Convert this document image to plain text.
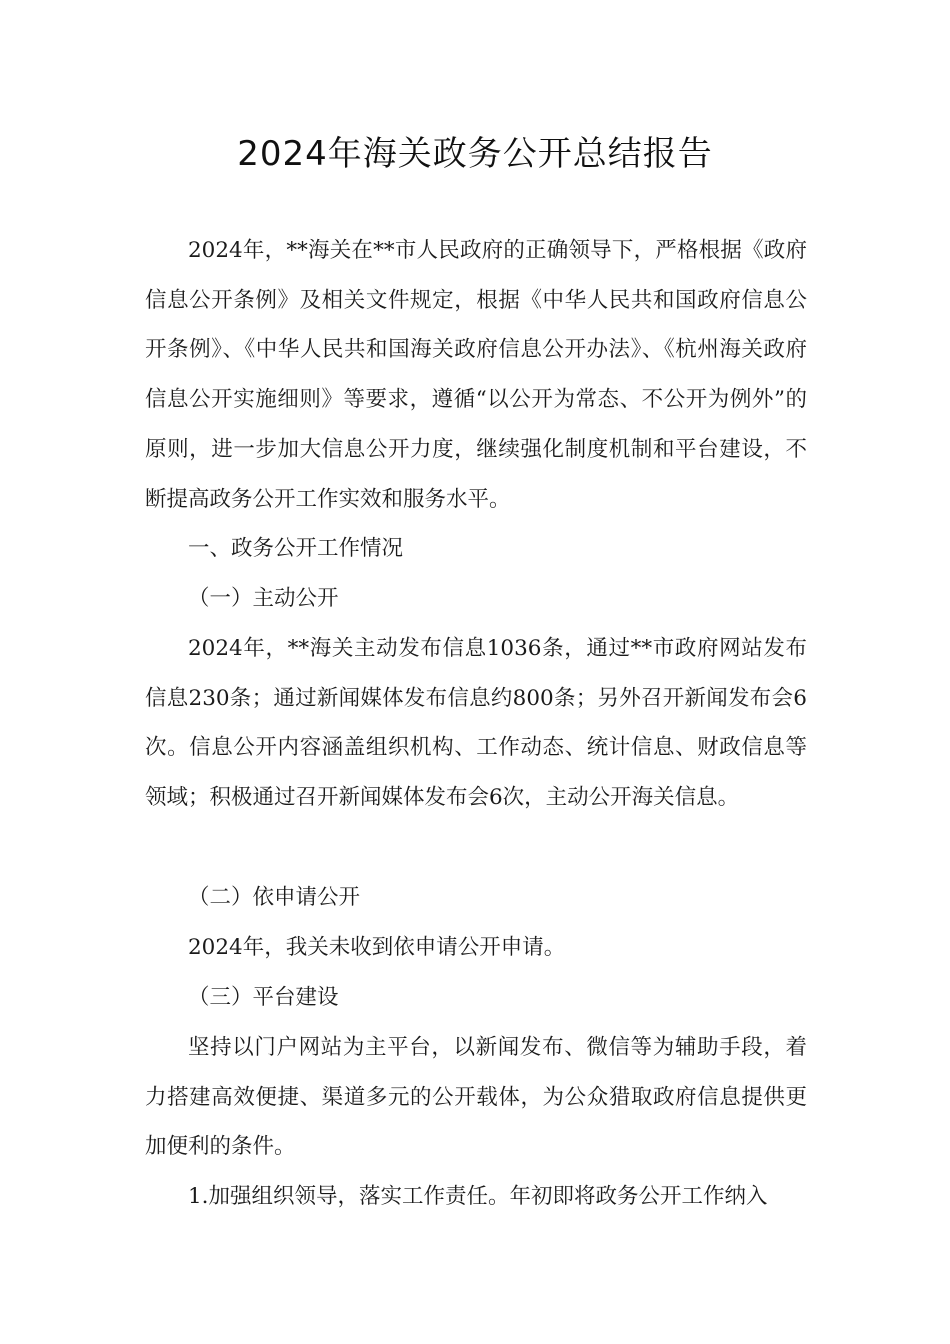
2024年海关政务公开总结报告

2024年，**海关在**市人民政府的正确领导下，严格根据《政府信息公开条例》及相关文件规定，根据《中华人民共和国政府信息公开条例》、《中华人民共和国海关政府信息公开办法》、《杭州海关政府信息公开实施细则》等要求，遵循“以公开为常态、不公开为例外”的原则，进一步加大信息公开力度，继续强化制度机制和平台建设，不断提高政务公开工作实效和服务水平。

一、政务公开工作情况

（一）主动公开

2024年，**海关主动发布信息1036条，通过**市政府网站发布信息230条；通过新闻媒体发布信息约800条；另外召开新闻发布会6次。信息公开内容涵盖组织机构、工作动态、统计信息、财政信息等领域；积极通过召开新闻媒体发布会6次，主动公开海关信息。

（二）依申请公开

2024年，我关未收到依申请公开申请。

（三）平台建设

坚持以门户网站为主平台，以新闻发布、微信等为辅助手段，着力搭建高效便捷、渠道多元的公开载体，为公众猎取政府信息提供更加便利的条件。

1.加强组织领导，落实工作责任。年初即将政务公开工作纳入
